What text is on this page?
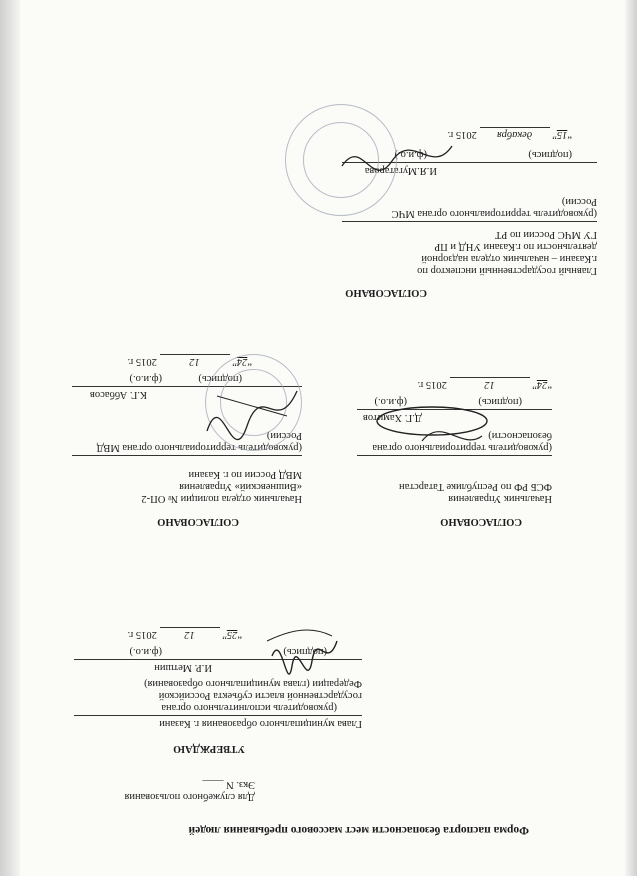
Форма паспорта безопасности мест массового пребывания людей
Для служебного пользования
Экз. N ____
УТВЕРЖДАЮ
Глава муниципального образования г. Казани
(руководитель исполнительного органа
государственной власти субъекта Российской
Федерации (глава муниципального образования)
И.Р. Метшин
(подпись)
(ф.и.о.)
“25” 12 2015 г.
СОГЛАСОВАНО
Начальник Управления
ФСБ РФ по Республике Татарстан
(руководитель территориального органа
безопасности)
Д.Г. Хамитов
(подпись)
(ф.и.о.)
“24” 12 2015 г.
СОГЛАСОВАНО
Начальник отдела полиции № ОП-2
«Вишневский» Управления
МВД России по г. Казани
(руководитель территориального органа МВД
России)
К.Г. Аббасов
(подпись)
(ф.и.о.)
“24” 12 2015 г.
СОГЛАСОВАНО
Главный государственный инспектор по
г.Казани – начальник отдела надзорной
деятельности по г.Казани УНД и ПР
ГУ МЧС России по РТ
(руководитель территориального органа МЧС
России)
И.Я.Мугатарова
(подпись)
(ф.и.о.)
“15” декабря 2015 г.
